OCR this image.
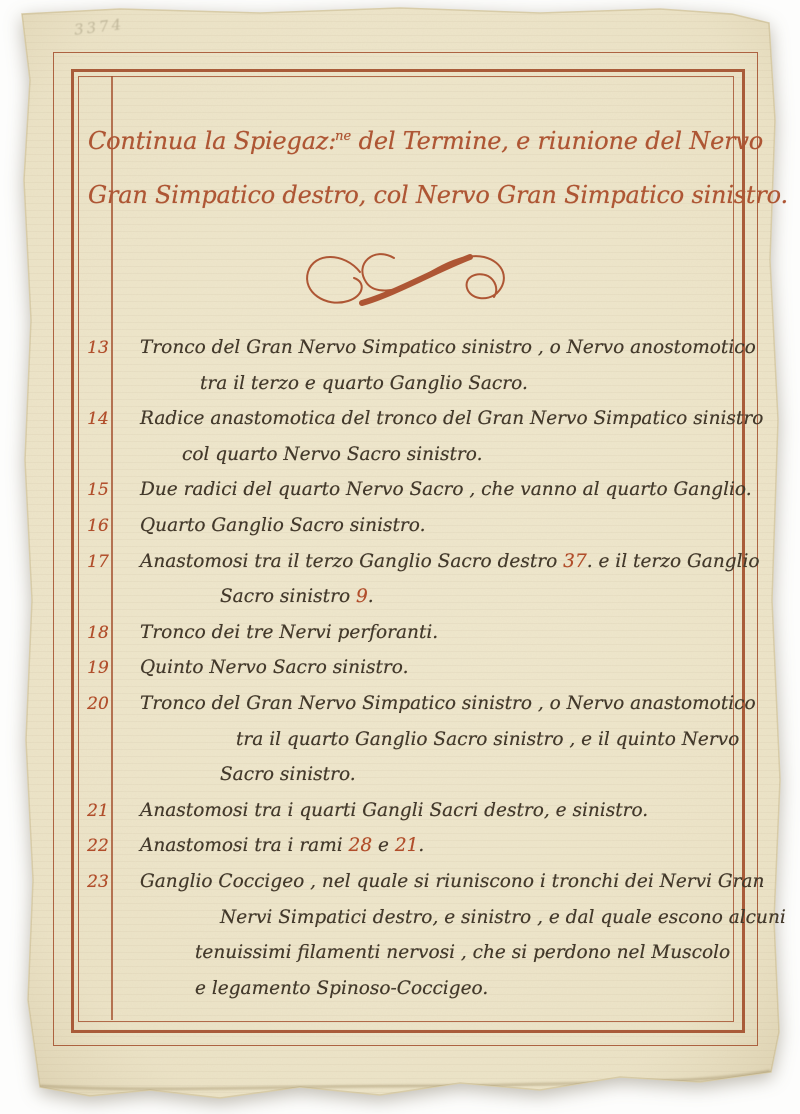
3374
Continua la Spiegaz:$^{ne}$ del Termine, e riunione del Nervo
Gran Simpatico destro, col Nervo Gran Simpatico sinistro.
13	Tronco del Gran Nervo Simpatico sinistro , o Nervo anostomotico
tra il terzo e quarto Ganglio Sacro.
14	Radice anastomotica del tronco del Gran Nervo Simpatico sinistro
col quarto Nervo Sacro sinistro.
15	Due radici del quarto Nervo Sacro , che vanno al quarto Ganglio.
16	Quarto Ganglio Sacro sinistro.
17	Anastomosi tra il terzo Ganglio Sacro destro 37. e il terzo Ganglio
Sacro sinistro 9.
18	Tronco dei tre Nervi perforanti.
19	Quinto Nervo Sacro sinistro.
20	Tronco del Gran Nervo Simpatico sinistro , o Nervo anastomotico
tra il quarto Ganglio Sacro sinistro , e il quinto Nervo
Sacro sinistro.
21	Anastomosi tra i quarti Gangli Sacri destro, e sinistro.
22	Anastomosi tra i rami 28 e 21.
23	Ganglio Coccigeo , nel quale si riuniscono i tronchi dei Nervi Gran
Nervi Simpatici destro, e sinistro , e dal quale escono alcuni
tenuissimi filamenti nervosi , che si perdono nel Muscolo
e legamento Spinoso-Coccigeo.
